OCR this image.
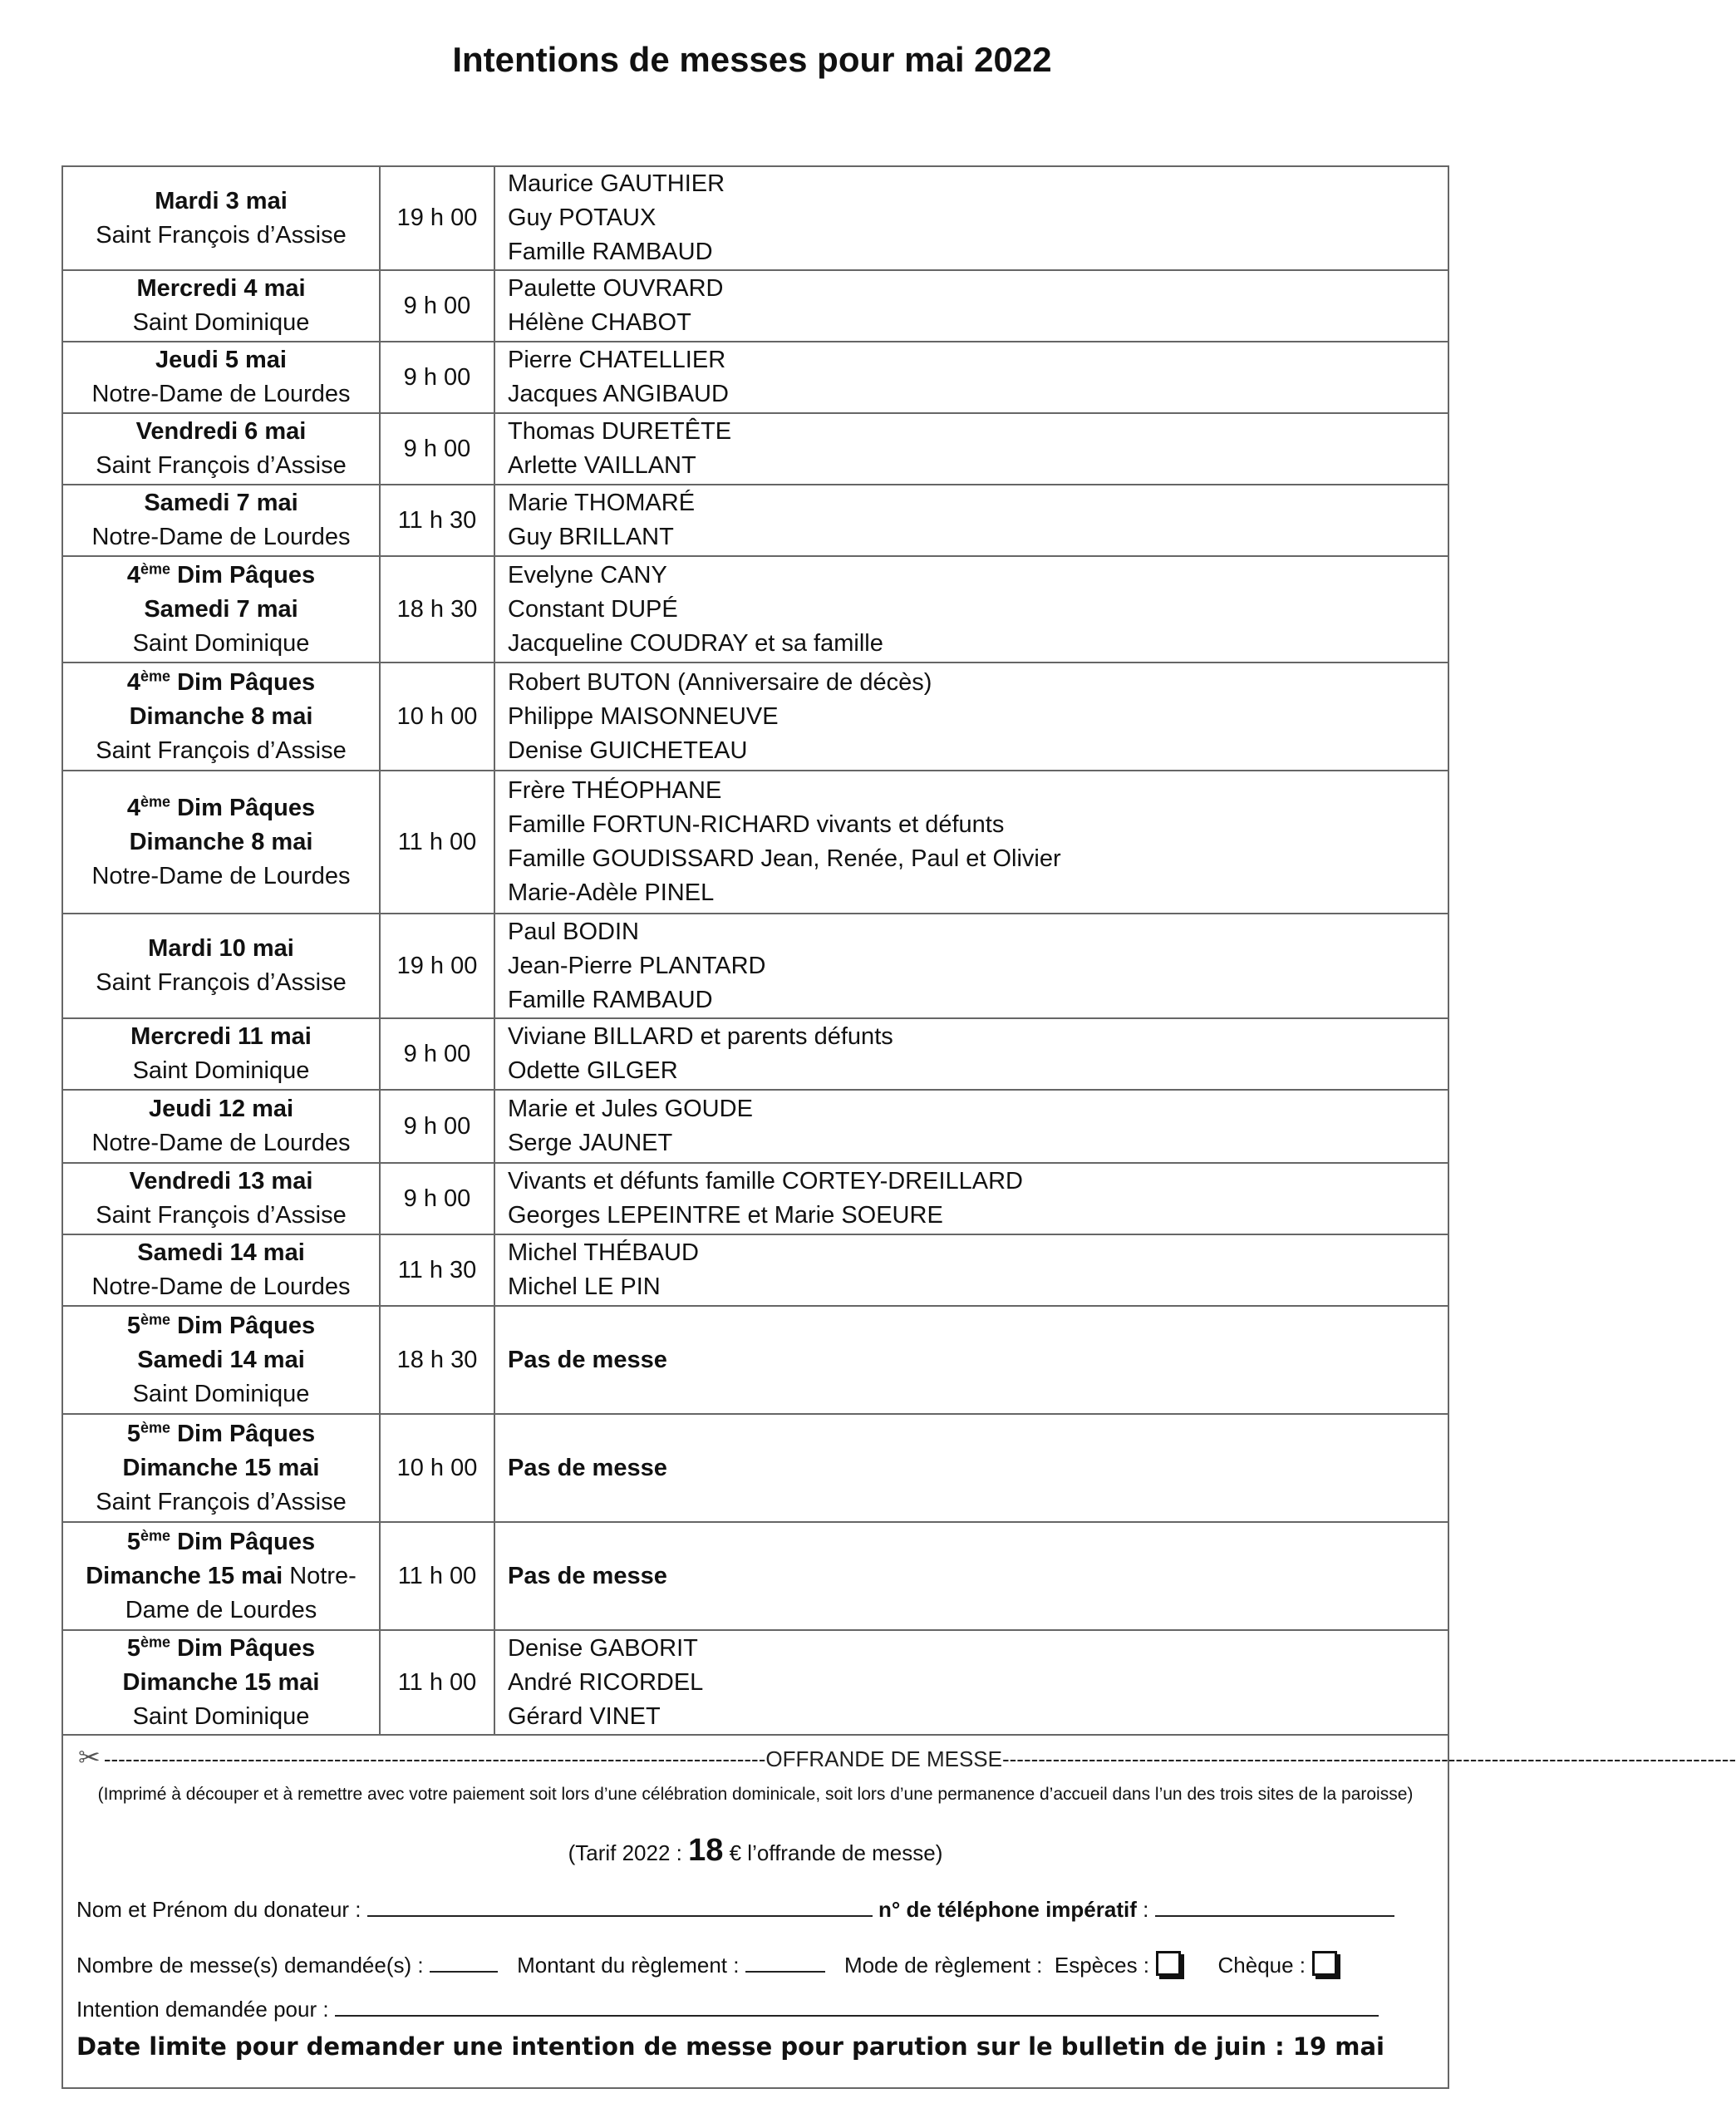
Intentions de messes pour mai 2022
Mardi 3 mai
Saint François d’Assise	19 h 00	Maurice GAUTHIER
Guy POTAUX
Famille RAMBAUD

Mercredi 4 mai
Saint Dominique	9 h 00	Paulette OUVRARD
Hélène CHABOT

Jeudi 5 mai
Notre-Dame de Lourdes	9 h 00	Pierre CHATELLIER
Jacques ANGIBAUD

Vendredi 6 mai
Saint François d’Assise	9 h 00	Thomas DURETÊTE
Arlette VAILLANT

Samedi 7 mai
Notre-Dame de Lourdes	11 h 30	Marie THOMARÉ
Guy BRILLANT

4ème Dim Pâques
Samedi 7 mai
Saint Dominique	18 h 30	Evelyne CANY
Constant DUPÉ
Jacqueline COUDRAY et sa famille

4ème Dim Pâques
Dimanche 8 mai
Saint François d’Assise	10 h 00	Robert BUTON (Anniversaire de décès)
Philippe MAISONNEUVE
Denise GUICHETEAU

4ème Dim Pâques
Dimanche 8 mai
Notre-Dame de Lourdes	11 h 00	Frère THÉOPHANE
Famille FORTUN-RICHARD vivants et défunts
Famille GOUDISSARD Jean, Renée, Paul et Olivier
Marie-Adèle PINEL

Mardi 10 mai
Saint François d’Assise	19 h 00	Paul BODIN
Jean-Pierre PLANTARD
Famille RAMBAUD

Mercredi 11 mai
Saint Dominique	9 h 00	Viviane BILLARD et parents défunts
Odette GILGER

Jeudi 12 mai
Notre-Dame de Lourdes	9 h 00	Marie et Jules GOUDE
Serge JAUNET

Vendredi 13 mai
Saint François d’Assise	9 h 00	Vivants et défunts famille CORTEY-DREILLARD
Georges LEPEINTRE et Marie SOEURE

Samedi 14 mai
Notre-Dame de Lourdes	11 h 30	Michel THÉBAUD
Michel LE PIN

5ème Dim Pâques
Samedi 14 mai
Saint Dominique	18 h 30	Pas de messe

5ème Dim Pâques
Dimanche 15 mai
Saint François d’Assise	10 h 00	Pas de messe

5ème Dim Pâques
Dimanche 15 mai Notre-Dame de Lourdes	11 h 00	Pas de messe

5ème Dim Pâques
Dimanche 15 mai
Saint Dominique	11 h 00	Denise GABORIT
André RICORDEL
Gérard VINET
✂ --------------------------------------------------------------------------------------------OFFRANDE DE MESSE------------------------------------------------------------------------------------------------------
(Imprimé à découper et à remettre avec votre paiement soit lors d’une célébration dominicale, soit lors d’une permanence d’accueil dans l’un des trois sites de la paroisse)
(Tarif 2022 : 18 € l’offrande de messe)
Nom et Prénom du donateur :	n° de téléphone impératif :
Nombre de messe(s) demandée(s) :	Montant du règlement :	Mode de règlement : Espèces :	Chèque :
Intention demandée pour :
Date limite pour demander une intention de messe pour parution sur le bulletin de juin : 19 mai
